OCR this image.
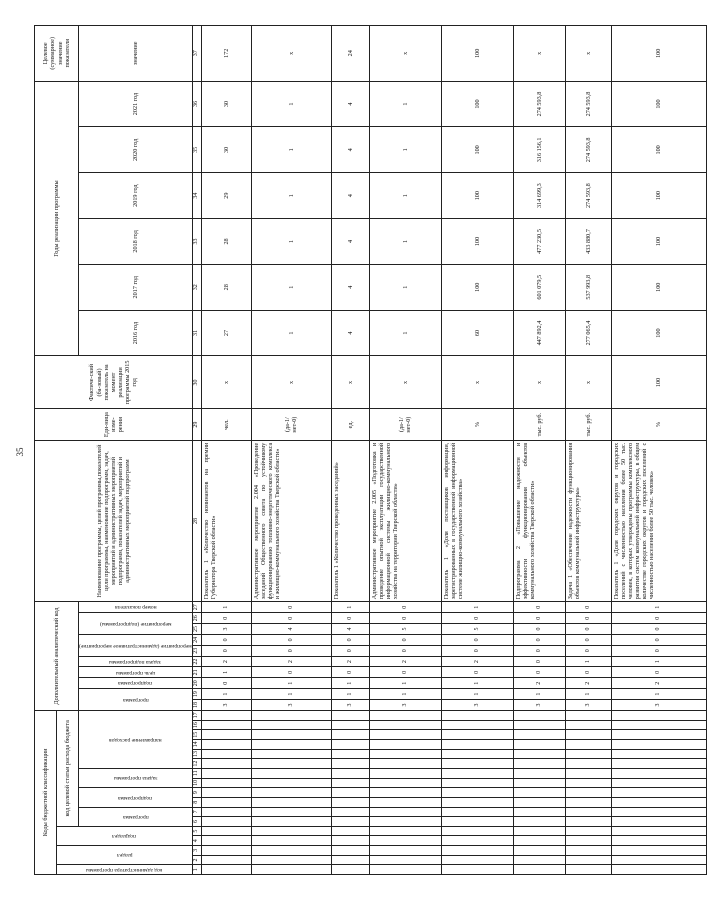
35
Коды бюджетной классификации																	Дополнительный аналитический код										Наименование программы, целей программы,показателей цели программы, наименование подпрограмм, задач, мероприятий и административных мероприятий подпрограмм, показателей задач, мероприятий и административных мероприятий подпрограмм	Еди-ница изме-рения	Фактиче-ский (ба-зовый) показатель на момент реализации программы 2015 год	Годы реализации программы						Целевое (суммарное) значение показателя

код администратора программы	раздел		подраздел		код целевой статьи расхода бюджета																															

					программа		подпрограмма		задача программы		направление расходов						программа		подпрограмма	цель программы	задача подпрограммы	мероприятие (административное мероприятие)		мероприятие (подпрограммы)		номер показателя				2016 год	2017 год	2018 год	2019 год	2020 год	2021 год	значение
1	2	3	4	5	6	7	8	9	10	11	12	13	14	15	16	17	18	19	20	21	22	23	24	25	26	27	28	29	30	31	32	33	34	35	36	37
																	3	1	0	1	2	0	0	3	0	1	Показатель 1 «Количество номинантов на премии Губернатора Тверской области»	чел.	x	27	28	28	29	30	30	172
																	3	1	1	0	2	0	0	4	0	0	Административное мероприятие 2.004 «Проведение заседаний Общественного совета по устойчивому функционированию топливно-энергетического комплекса и жилищно-коммунального хозяйства Тверской области»	(да-1/ нет-0)	x	1	1	1	1	1	1	x
																	3	1	1	0	2	0	0	4	0	1	Показатель 1 «Количество проведенных заседаний»	ед.	x	4	4	4	4	4	4	24
																	3	1	1	0	2	0	0	5	0	0	Административное мероприятие 2.005 «Подготовка и проведение опытной эксплуатации государственной информационной системы жилищно-коммунального хозяйства на территории Тверской области»	(да-1/ нет-0)	x	1	1	1	1	1	1	x
																	3	1	1	0	2	0	0	5	0	1	Показатель 1 «Доля поставщиков информации, зарегистрированных в государственной информационной системе жилищно-коммунального хозяйства»	%	x	60	100	100	100	100	100	100
																	3	1	2	0	0	0	0	0	0	0	Подпрограмма 2 «Повышение надежности и эффективности функционирования объектов коммунального хозяйства Тверской области»	тыс. руб.	x	447 892,4	601 079,5	477 230,5	314 699,3	316 156,1	274 593,8	x
																	3	1	2	0	1	0	0	0	0	0	Задача 1 «Обеспечение надежности функционирования объектов коммунальной инфраструктуры»	тыс. руб.	x	277 065,4	537 993,8	433 880,7	274 593,8	274 593,8	274 593,8	x
																	3	1	2	0	1	0	0	0	0	1	Показатель 1 «Доля городских округов и городских поселений с численностью населения более 50 тыс. человек, в которых утверждены программы комплексного развития систем коммунальной инфраструктуры, в общем количестве городских округов и городских поселений с численностью населения более 50 тыс. человек»	%	100	100	100	100	100	100	100	100
